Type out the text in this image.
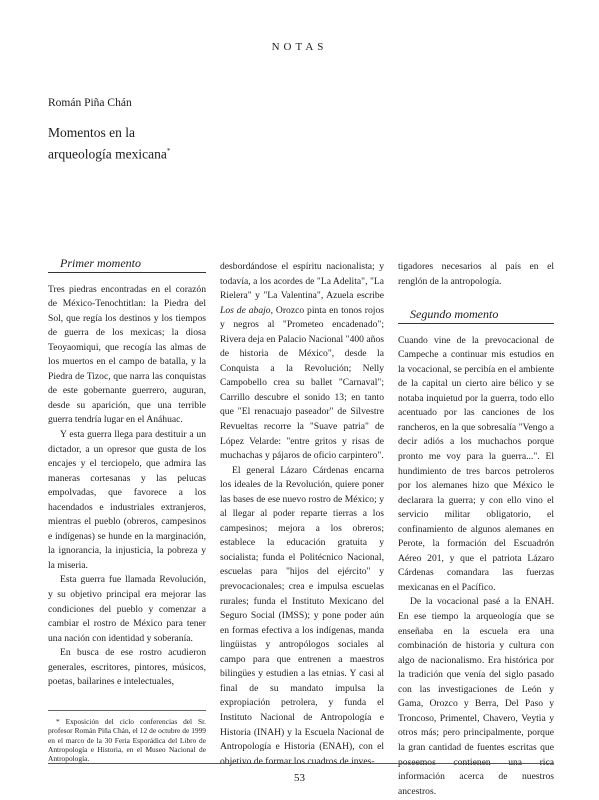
NOTAS
Román Piña Chán
Momentos en la
arqueología mexicana*

Primer momento

Tres piedras encontradas en el corazón de México-Tenochtitlan: la Piedra del Sol, que regía los destinos y los tiempos de guerra de los mexicas; la diosa Teoyaomiqui, que recogía las almas de los muertos en el campo de batalla, y la Piedra de Tizoc, que narra las conquistas de este gobernante guerrero, auguran, desde su aparición, que una terrible guerra tendría lugar en el Anáhuac.

Y esta guerra llega para destituir a un dictador, a un opresor que gusta de los encajes y el terciopelo, que admira las maneras cortesanas y las pelucas empolvadas, que favorece a los hacendados e industriales extranjeros, mientras el pueblo (obreros, campesinos e indígenas) se hunde en la marginación, la ignorancia, la injusticia, la pobreza y la miseria.

Esta guerra fue llamada Revolución, y su objetivo principal era mejorar las condiciones del pueblo y comenzar a cambiar el rostro de México para tener una nación con identidad y soberanía.

En busca de ese rostro acudieron generales, escritores, pintores, músicos, poetas, bailarines e intelectuales,

* Exposición del ciclo conferencias del Sr. profesor Román Piña Chán, el 12 de octubre de 1999 en el marco de la 30 Feria Esporádica del Libro de Antropología e Historia, en el Museo Nacional de Antropología.

desbordándose el espíritu nacionalista; y todavía, a los acordes de "La Adelita", "La Rielera" y "La Valentina", Azuela escribe Los de abajo, Orozco pinta en tonos rojos y negros al "Prometeo encadenado"; Rivera deja en Palacio Nacional "400 años de historia de México", desde la Conquista a la Revolución; Nelly Campobello crea su ballet "Carnaval"; Carrillo descubre el sonido 13; en tanto que "El renacuajo paseador" de Silvestre Revueltas recorre la "Suave patria" de López Velarde: "entre gritos y risas de muchachas y pájaros de oficio carpintero".

El general Lázaro Cárdenas encarna los ideales de la Revolución, quiere poner las bases de ese nuevo rostro de México; y al llegar al poder reparte tierras a los campesinos; mejora a los obreros; establece la educación gratuita y socialista; funda el Politécnico Nacional, escuelas para "hijos del ejército" y prevocacionales; crea e impulsa escuelas rurales; funda el Instituto Mexicano del Seguro Social (IMSS); y pone poder aún en formas efectiva a los indígenas, manda lingüistas y antropólogos sociales al campo para que entrenen a maestros bilingües y estudien a las etnias. Y casi al final de su mandato impulsa la expropiación petrolera, y funda el Instituto Nacional de Antropología e Historia (INAH) y la Escuela Nacional de Antropología e Historia (ENAH), con el objetivo de formar los cuadros de inves-

tigadores necesarios al país en el renglón de la antropología.

Segundo momento

Cuando vine de la prevocacional de Campeche a continuar mis estudios en la vocacional, se percibía en el ambiente de la capital un cierto aire bélico y se notaba inquietud por la guerra, todo ello acentuado por las canciones de los rancheros, en la que sobresalía "Vengo a decir adiós a los muchachos porque pronto me voy para la guerra...". El hundimiento de tres barcos petroleros por los alemanes hizo que México le declarara la guerra; y con ello vino el servicio militar obligatorio, el confinamiento de algunos alemanes en Perote, la formación del Escuadrón Aéreo 201, y que el patriota Lázaro Cárdenas comandara las fuerzas mexicanas en el Pacífico.

De la vocacional pasé a la ENAH. En ese tiempo la arqueología que se enseñaba en la escuela era una combinación de historia y cultura con algo de nacionalismo. Era histórica por la tradición que venía del siglo pasado con las investigaciones de León y Gama, Orozco y Berra, Del Paso y Troncoso, Primentel, Chavero, Veytia y otros más; pero principalmente, porque la gran cantidad de fuentes escritas que poseemos contienen una rica información acerca de nuestros ancestros.

53
